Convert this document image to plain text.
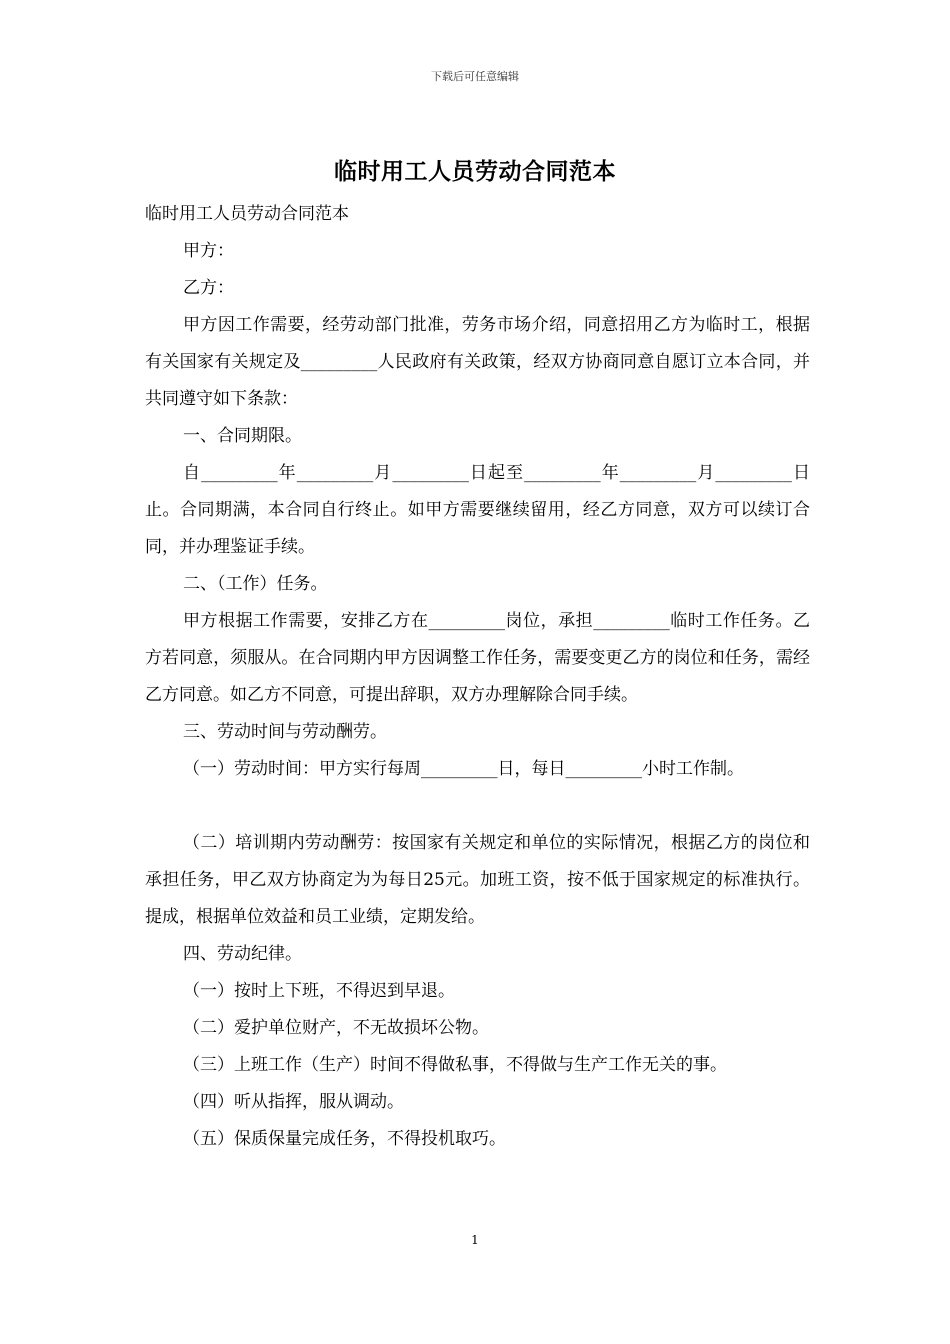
下载后可任意编辑
临时用工人员劳动合同范本

临时用工人员劳动合同范本

甲方：

乙方：

甲方因工作需要，经劳动部门批准，劳务市场介绍，同意招用乙方为临时工，根据有关国家有关规定及_________人民政府有关政策，经双方协商同意自愿订立本合同，并共同遵守如下条款：

一、合同期限。

自_________年_________月_________日起至_________年_________月_________日止。合同期满，本合同自行终止。如甲方需要继续留用，经乙方同意，双方可以续订合同，并办理鉴证手续。

二、（工作）任务。

甲方根据工作需要，安排乙方在_________岗位，承担_________临时工作任务。乙方若同意，须服从。在合同期内甲方因调整工作任务，需要变更乙方的岗位和任务，需经乙方同意。如乙方不同意，可提出辞职，双方办理解除合同手续。

三、劳动时间与劳动酬劳。

（一）劳动时间：甲方实行每周_________日，每日_________小时工作制。

（二）培训期内劳动酬劳：按国家有关规定和单位的实际情况，根据乙方的岗位和承担任务，甲乙双方协商定为为每日25元。加班工资，按不低于国家规定的标准执行。提成，根据单位效益和员工业绩，定期发给。

四、劳动纪律。

（一）按时上下班，不得迟到早退。

（二）爱护单位财产，不无故损坏公物。

（三）上班工作（生产）时间不得做私事，不得做与生产工作无关的事。

（四）听从指挥，服从调动。

（五）保质保量完成任务，不得投机取巧。

1
